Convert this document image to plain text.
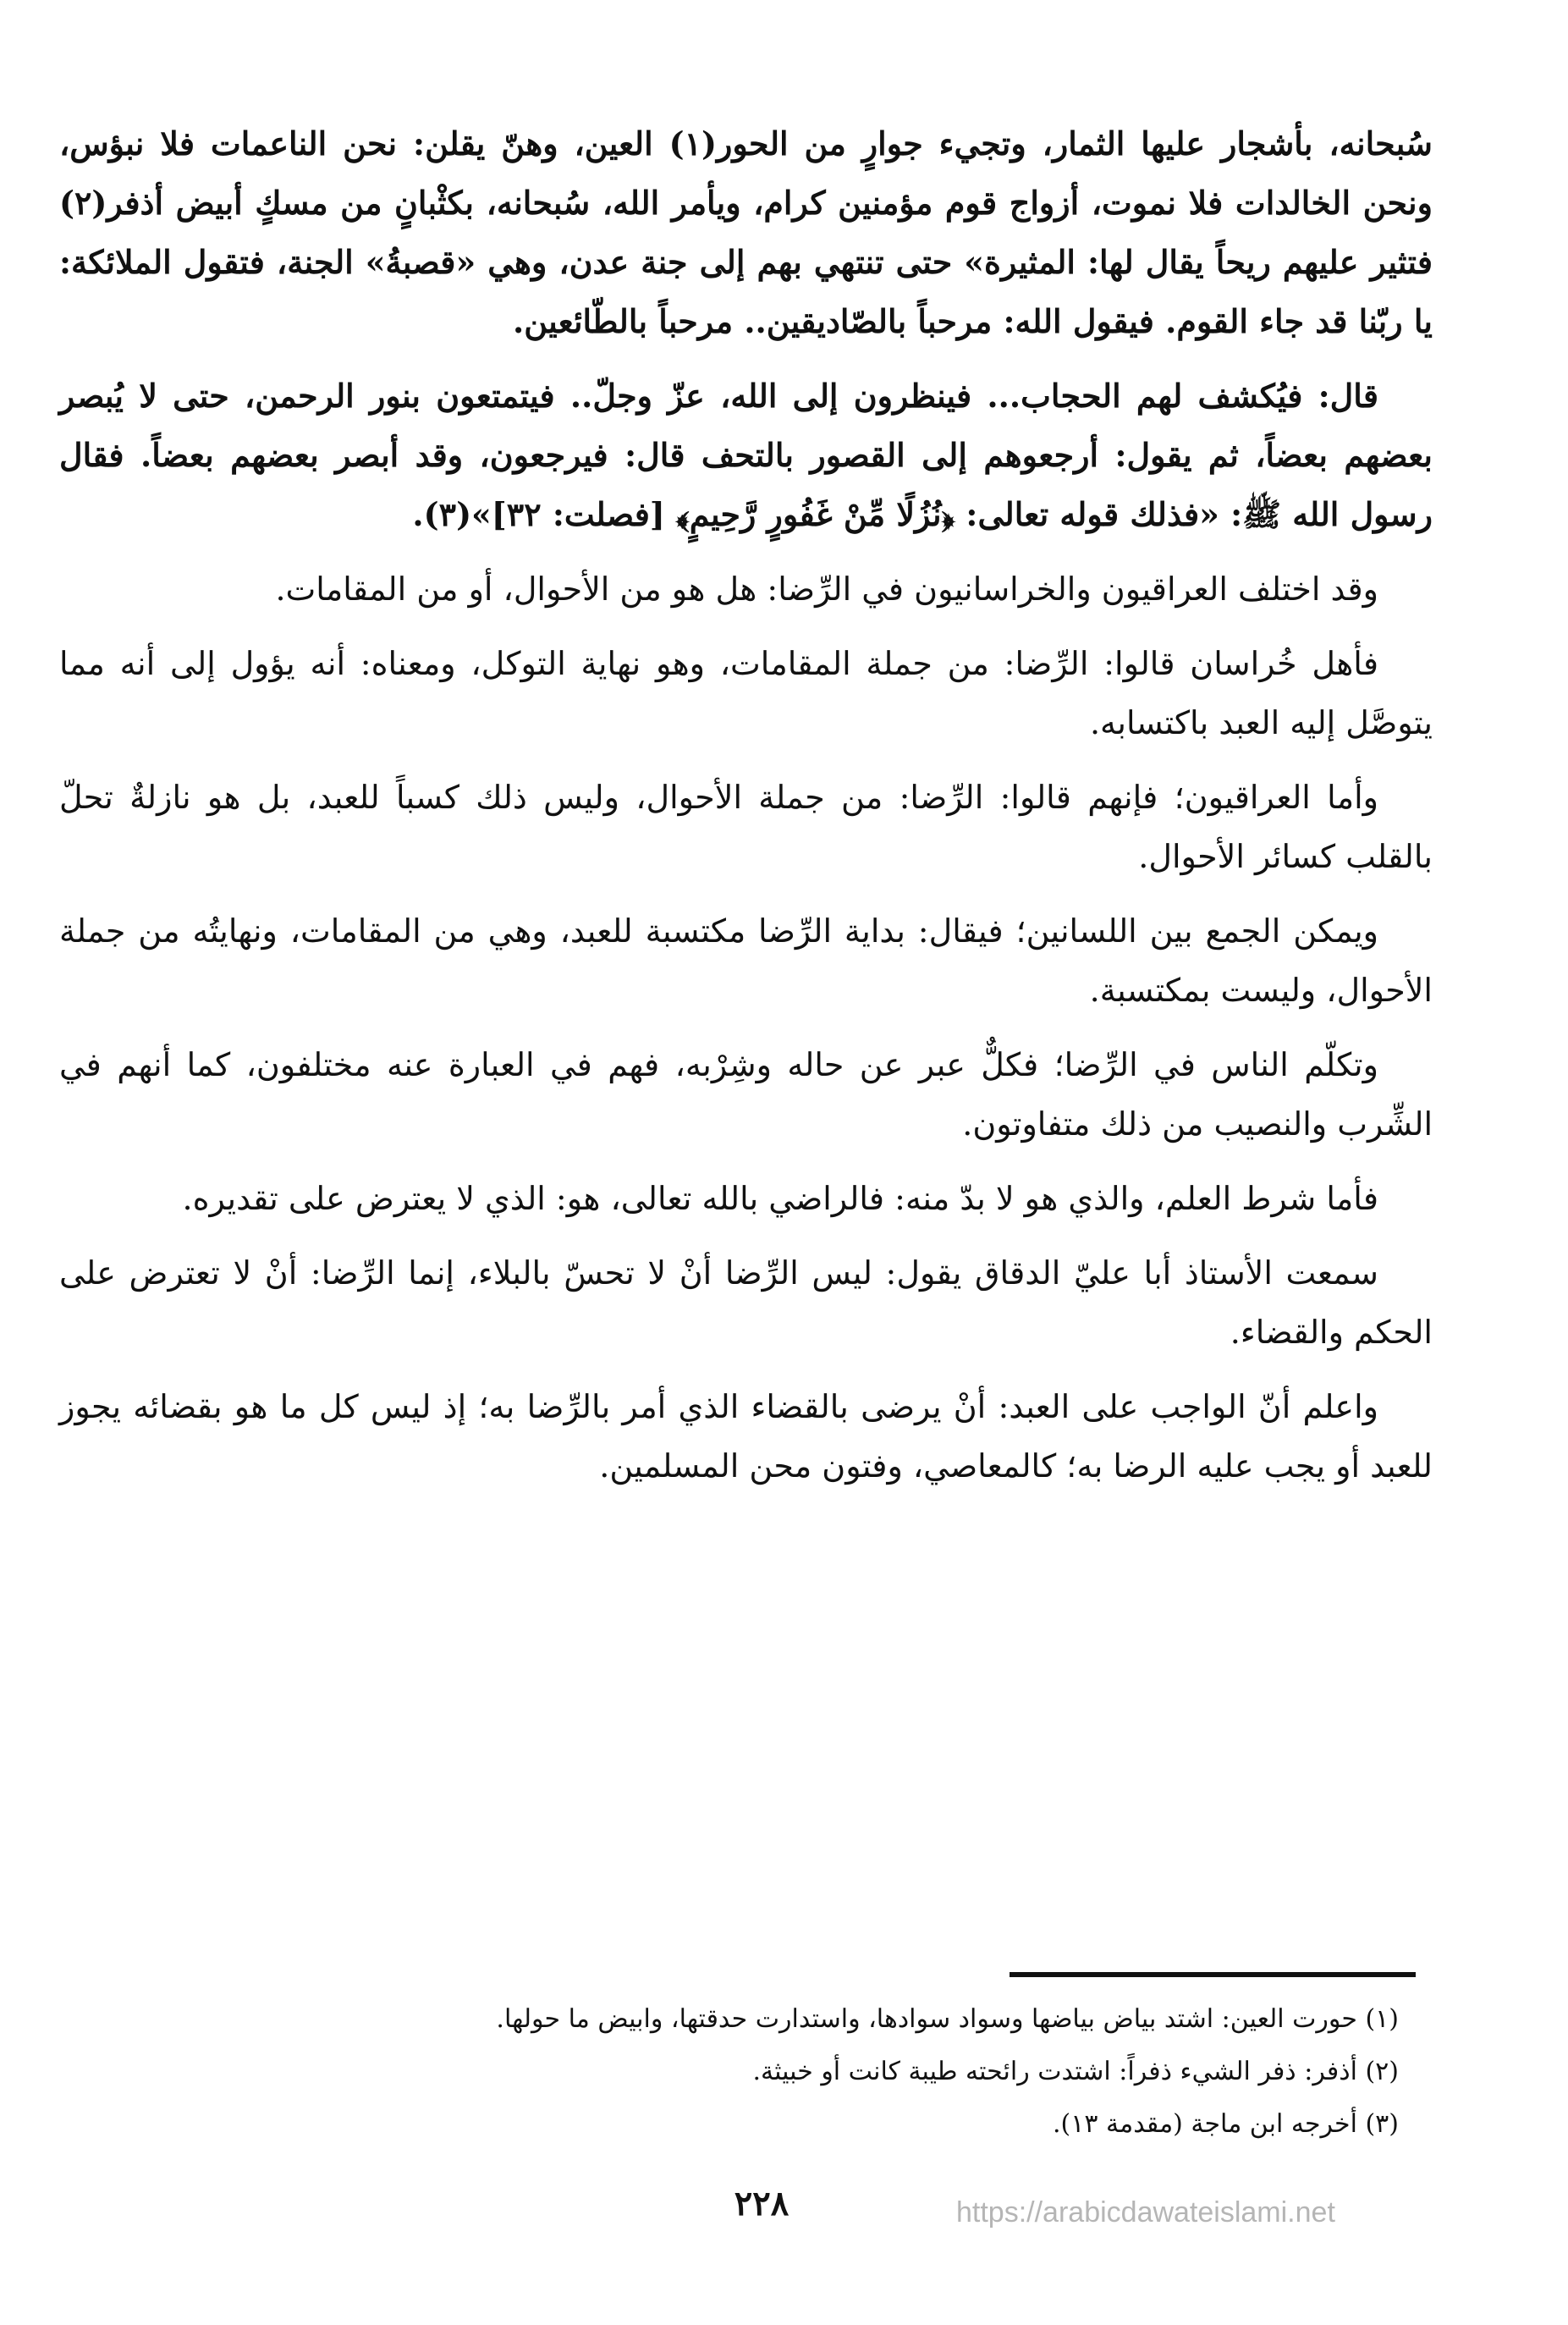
سُبحانه، بأشجار عليها الثمار، وتجيء جوارٍ من الحور(١) العين، وهنّ يقلن: نحن الناعمات فلا نبؤس، ونحن الخالدات فلا نموت، أزواج قوم مؤمنين كرام، ويأمر الله، سُبحانه، بكثْبانٍ من مسكٍ أبيض أذفر(٢) فتثير عليهم ريحاً يقال لها: المثيرة» حتى تنتهي بهم إلى جنة عدن، وهي «قصبةُ» الجنة، فتقول الملائكة: يا ربّنا قد جاء القوم. فيقول الله: مرحباً بالصّاديقين.. مرحباً بالطّائعين.

قال: فيُكشف لهم الحجاب... فينظرون إلى الله، عزّ وجلّ.. فيتمتعون بنور الرحمن، حتى لا يُبصر بعضهم بعضاً، ثم يقول: أرجعوهم إلى القصور بالتحف قال: فيرجعون، وقد أبصر بعضهم بعضاً. فقال رسول الله ﷺ: «فذلك قوله تعالى: ﴿نُزُلًا مِّنْ غَفُورٍ رَّحِيمٍ﴾ [فصلت: ٣٢]»(٣).

وقد اختلف العراقيون والخراسانيون في الرِّضا: هل هو من الأحوال، أو من المقامات.

فأهل خُراسان قالوا: الرِّضا: من جملة المقامات، وهو نهاية التوكل، ومعناه: أنه يؤول إلى أنه مما يتوصَّل إليه العبد باكتسابه.

وأما العراقيون؛ فإنهم قالوا: الرِّضا: من جملة الأحوال، وليس ذلك كسباً للعبد، بل هو نازلةٌ تحلّ بالقلب كسائر الأحوال.

ويمكن الجمع بين اللسانين؛ فيقال: بداية الرِّضا مكتسبة للعبد، وهي من المقامات، ونهايتُه من جملة الأحوال، وليست بمكتسبة.

وتكلّم الناس في الرِّضا؛ فكلٌّ عبر عن حاله وشِرْبه، فهم في العبارة عنه مختلفون، كما أنهم في الشِّرب والنصيب من ذلك متفاوتون.

فأما شرط العلم، والذي هو لا بدّ منه: فالراضي بالله تعالى، هو: الذي لا يعترض على تقديره.

سمعت الأستاذ أبا عليّ الدقاق يقول: ليس الرِّضا أنْ لا تحسّ بالبلاء، إنما الرِّضا: أنْ لا تعترض على الحكم والقضاء.

واعلم أنّ الواجب على العبد: أنْ يرضى بالقضاء الذي أمر بالرِّضا به؛ إذ ليس كل ما هو بقضائه يجوز للعبد أو يجب عليه الرضا به؛ كالمعاصي، وفتون محن المسلمين.

(١) حورت العين: اشتد بياض بياضها وسواد سوادها، واستدارت حدقتها، وابيض ما حولها.

(٢) أذفر: ذفر الشيء ذفراً: اشتدت رائحته طيبة كانت أو خبيثة.

(٣) أخرجه ابن ماجة (مقدمة ١٣).

٢٢٨	https://arabicdawateislami.net
